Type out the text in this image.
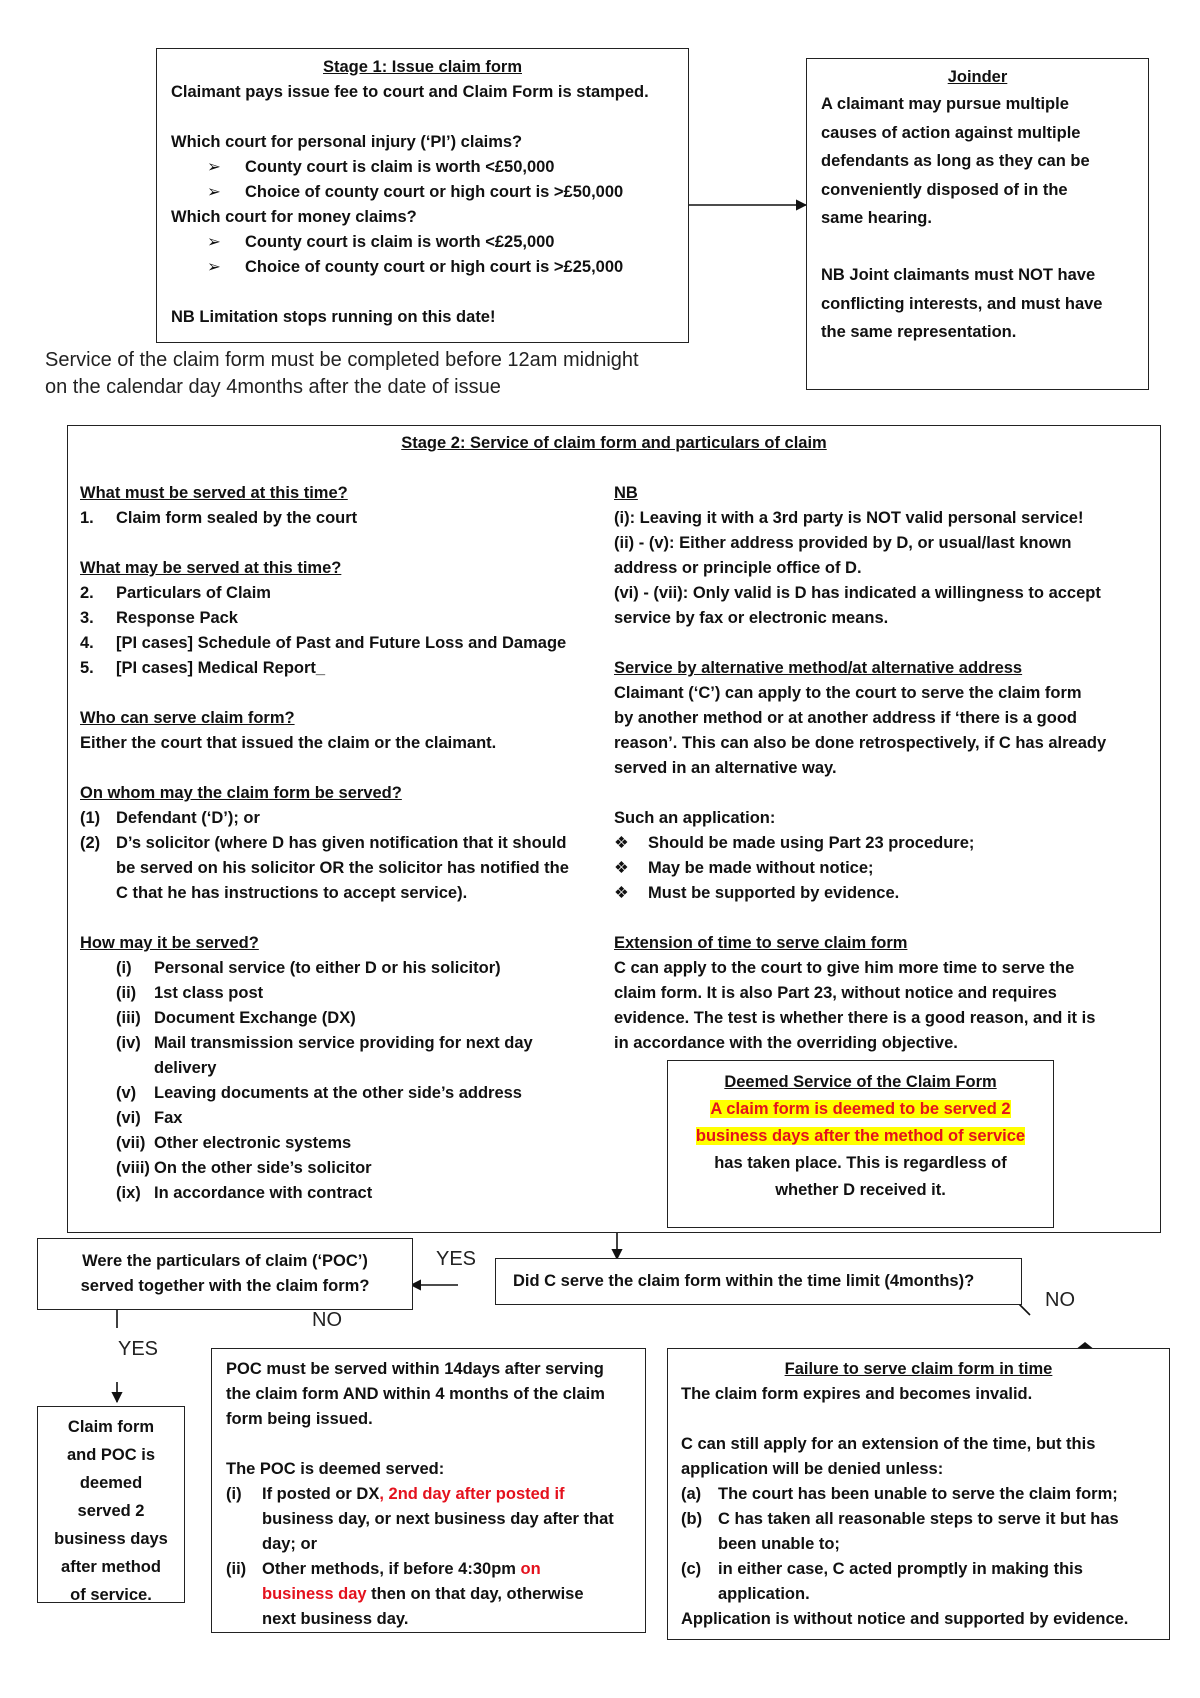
Stage 1: Issue claim form
Claimant pays issue fee to court and Claim Form is stamped.
Which court for personal injury (‘PI’) claims?
➢	County court is claim is worth <£50,000
➢	Choice of county court or high court is >£50,000
Which court for money claims?
➢	County court is claim is worth <£25,000
➢	Choice of county court or high court is >£25,000
NB Limitation stops running on this date!
Service of the claim form must be completed before 12am midnight
on the calendar day 4months after the date of issue
Joinder
A claimant may pursue multiple
causes of action against multiple
defendants as long as they can be
conveniently disposed of in the
same hearing.
NB Joint claimants must NOT have
conflicting interests, and must have
the same representation.
Stage 2: Service of claim form and particulars of claim
What must be served at this time?
1.	Claim form sealed by the court
What may be served at this time?
2.	Particulars of Claim
3.	Response Pack
4.	[PI cases] Schedule of Past and Future Loss and Damage
5.	[PI cases] Medical Report_
Who can serve claim form?
Either the court that issued the claim or the claimant.
On whom may the claim form be served?
(1) Defendant (‘D’); or
(2) D’s solicitor (where D has given notification that it should
be served on his solicitor OR the solicitor has notified the
C that he has instructions to accept service).
How may it be served?
(i)	Personal service (to either D or his solicitor)
(ii)	1st class post
(iii) Document Exchange (DX)
(iv) Mail transmission service providing for next day
delivery
(v)	Leaving documents at the other side’s address
(vi) Fax
(vii) Other electronic systems
(viii) On the other side’s solicitor
(ix) In accordance with contract
NB
(i): Leaving it with a 3rd party is NOT valid personal service!
(ii) - (v): Either address provided by D, or usual/last known
address or principle office of D.
(vi) - (vii): Only valid is D has indicated a willingness to accept
service by fax or electronic means.
Service by alternative method/at alternative address
Claimant (‘C’) can apply to the court to serve the claim form
by another method or at another address if ‘there is a good
reason’. This can also be done retrospectively, if C has already
served in an alternative way.
Such an application:
❖	Should be made using Part 23 procedure;
❖	May be made without notice;
❖	Must be supported by evidence.
Extension of time to serve claim form
C can apply to the court to give him more time to serve the
claim form. It is also Part 23, without notice and requires
evidence. The test is whether there is a good reason, and it is
in accordance with the overriding objective.
Deemed Service of the Claim Form
A claim form is deemed to be served 2
business days after the method of service
has taken place. This is regardless of
whether D received it.
Were the particulars of claim (‘POC’)
served together with the claim form?
YES
NO
NO
YES
Did C serve the claim form within the time limit (4months)?
Claim form
and POC is
deemed
served 2
business days
after method
of service.
POC must be served within 14days after serving
the claim form AND within 4 months of the claim
form being issued.
The POC is deemed served:
(i)	If posted or DX, 2nd day after posted if
business day, or next business day after that
day; or
(ii) Other methods, if before 4:30pm on
business day then on that day, otherwise
next business day.
Failure to serve claim form in time
The claim form expires and becomes invalid.
C can still apply for an extension of the time, but this
application will be denied unless:
(a)	The court has been unable to serve the claim form;
(b) C has taken all reasonable steps to serve it but has
been unable to;
(c)	in either case, C acted promptly in making this
application.
Application is without notice and supported by evidence.
